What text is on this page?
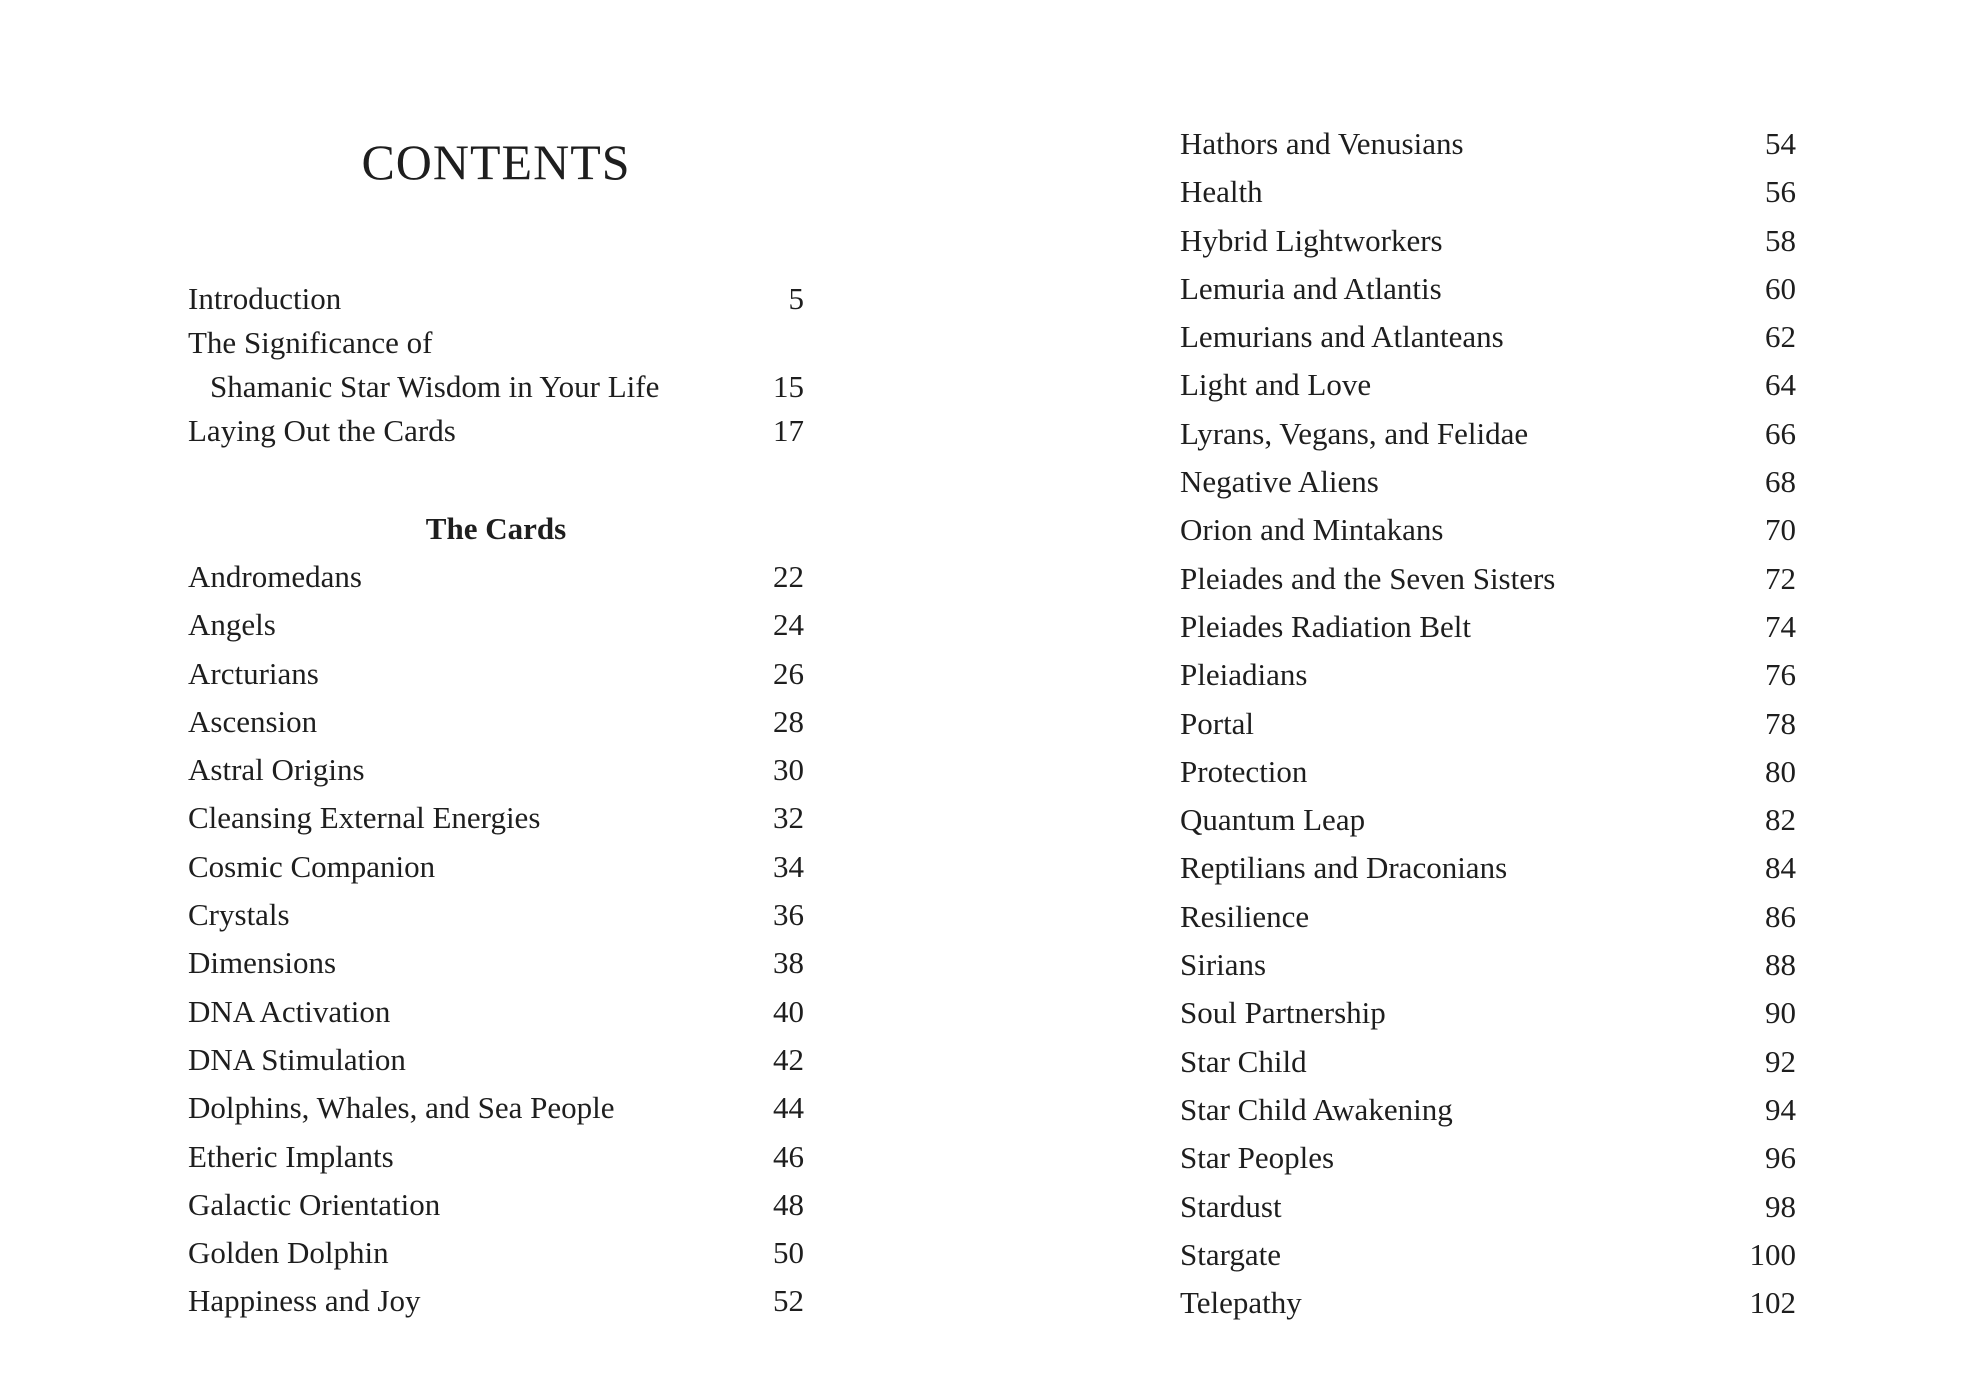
CONTENTS
Introduction	5
The Significance of
Shamanic Star Wisdom in Your Life	15
Laying Out the Cards	17
The Cards
Andromedans	22
Angels	24
Arcturians	26
Ascension	28
Astral Origins	30
Cleansing External Energies	32
Cosmic Companion	34
Crystals	36
Dimensions	38
DNA Activation	40
DNA Stimulation	42
Dolphins, Whales, and Sea People	44
Etheric Implants	46
Galactic Orientation	48
Golden Dolphin	50
Happiness and Joy	52
Hathors and Venusians	54
Health	56
Hybrid Lightworkers	58
Lemuria and Atlantis	60
Lemurians and Atlanteans	62
Light and Love	64
Lyrans, Vegans, and Felidae	66
Negative Aliens	68
Orion and Mintakans	70
Pleiades and the Seven Sisters	72
Pleiades Radiation Belt	74
Pleiadians	76
Portal	78
Protection	80
Quantum Leap	82
Reptilians and Draconians	84
Resilience	86
Sirians	88
Soul Partnership	90
Star Child	92
Star Child Awakening	94
Star Peoples	96
Stardust	98
Stargate	100
Telepathy	102
